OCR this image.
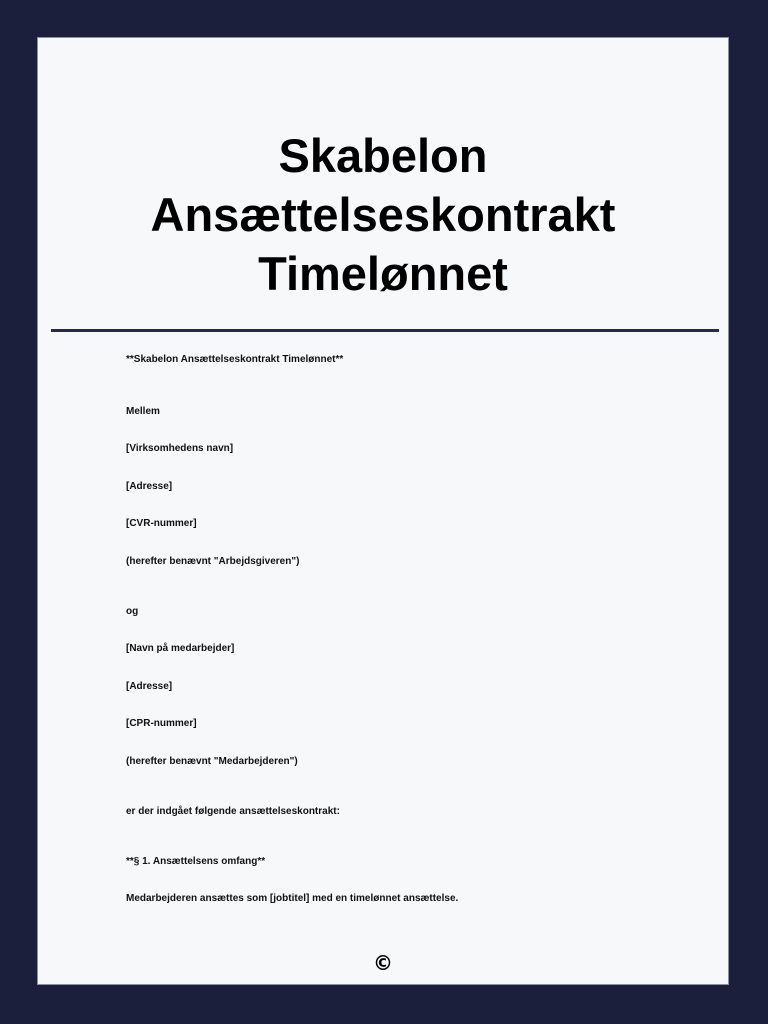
Skabelon
Ansættelseskontrakt
Timelønnet

**Skabelon Ansættelseskontrakt Timelønnet**

Mellem

[Virksomhedens navn]

[Adresse]

[CVR-nummer]

(herefter benævnt "Arbejdsgiveren")

og

[Navn på medarbejder]

[Adresse]

[CPR-nummer]

(herefter benævnt "Medarbejderen")

er der indgået følgende ansættelseskontrakt:

**§ 1. Ansættelsens omfang**

Medarbejderen ansættes som [jobtitel] med en timelønnet ansættelse.

©
